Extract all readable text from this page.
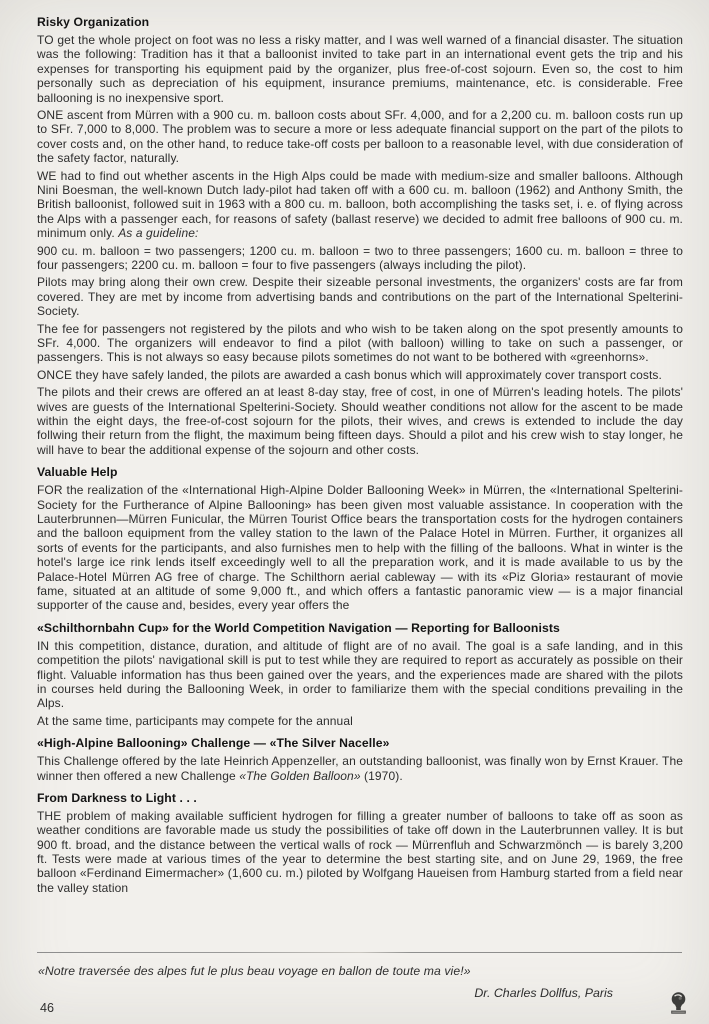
Risky Organization

TO get the whole project on foot was no less a risky matter, and I was well warned of a financial disaster. The situation was the following: Tradition has it that a balloonist invited to take part in an international event gets the trip and his expenses for transporting his equipment paid by the organizer, plus free-of-cost sojourn. Even so, the cost to him personally such as depreciation of his equipment, insurance premiums, maintenance, etc. is considerable. Free ballooning is no inexpensive sport.

ONE ascent from Mürren with a 900 cu. m. balloon costs about SFr. 4,000, and for a 2,200 cu. m. balloon costs run up to SFr. 7,000 to 8,000. The problem was to secure a more or less adequate financial support on the part of the pilots to cover costs and, on the other hand, to reduce take-off costs per balloon to a reasonable level, with due consideration of the safety factor, naturally.

WE had to find out whether ascents in the High Alps could be made with medium-size and smaller balloons. Although Nini Boesman, the well-known Dutch lady-pilot had taken off with a 600 cu. m. balloon (1962) and Anthony Smith, the British balloonist, followed suit in 1963 with a 800 cu. m. balloon, both accomplishing the tasks set, i. e. of flying across the Alps with a passenger each, for reasons of safety (ballast reserve) we decided to admit free balloons of 900 cu. m. minimum only. As a guideline:

900 cu. m. balloon = two passengers; 1200 cu. m. balloon = two to three passengers; 1600 cu. m. balloon = three to four passengers; 2200 cu. m. balloon = four to five passengers (always including the pilot).

Pilots may bring along their own crew. Despite their sizeable personal investments, the organizers' costs are far from covered. They are met by income from advertising bands and contributions on the part of the International Spelterini-Society.

The fee for passengers not registered by the pilots and who wish to be taken along on the spot presently amounts to SFr. 4,000. The organizers will endeavor to find a pilot (with balloon) willing to take on such a passenger, or passengers. This is not always so easy because pilots sometimes do not want to be bothered with «greenhorns».

ONCE they have safely landed, the pilots are awarded a cash bonus which will approximately cover transport costs.

The pilots and their crews are offered an at least 8-day stay, free of cost, in one of Mürren's leading hotels. The pilots' wives are guests of the International Spelterini-Society. Should weather conditions not allow for the ascent to be made within the eight days, the free-of-cost sojourn for the pilots, their wives, and crews is extended to include the day follwing their return from the flight, the maximum being fifteen days. Should a pilot and his crew wish to stay longer, he will have to bear the additional expense of the sojourn and other costs.

Valuable Help

FOR the realization of the «International High-Alpine Dolder Ballooning Week» in Mürren, the «International Spelterini-Society for the Furtherance of Alpine Ballooning» has been given most valuable assistance. In cooperation with the Lauterbrunnen—Mürren Funicular, the Mürren Tourist Office bears the transportation costs for the hydrogen containers and the balloon equipment from the valley station to the lawn of the Palace Hotel in Mürren. Further, it organizes all sorts of events for the participants, and also furnishes men to help with the filling of the balloons. What in winter is the hotel's large ice rink lends itself exceedingly well to all the preparation work, and it is made available to us by the Palace-Hotel Mürren AG free of charge. The Schilthorn aerial cableway — with its «Piz Gloria» restaurant of movie fame, situated at an altitude of some 9,000 ft., and which offers a fantastic panoramic view — is a major financial supporter of the cause and, besides, every year offers the

«Schilthornbahn Cup» for the World Competition Navigation — Reporting for Balloonists

IN this competition, distance, duration, and altitude of flight are of no avail. The goal is a safe landing, and in this competition the pilots' navigational skill is put to test while they are required to report as accurately as possible on their flight. Valuable information has thus been gained over the years, and the experiences made are shared with the pilots in courses held during the Ballooning Week, in order to familiarize them with the special conditions prevailing in the Alps.

At the same time, participants may compete for the annual

«High-Alpine Ballooning» Challenge — «The Silver Nacelle»

This Challenge offered by the late Heinrich Appenzeller, an outstanding balloonist, was finally won by Ernst Krauer. The winner then offered a new Challenge «The Golden Balloon» (1970).

From Darkness to Light . . .

THE problem of making available sufficient hydrogen for filling a greater number of balloons to take off as soon as weather conditions are favorable made us study the possibilities of take off down in the Lauterbrunnen valley. It is but 900 ft. broad, and the distance between the vertical walls of rock — Mürrenfluh and Schwarzmönch — is barely 3,200 ft. Tests were made at various times of the year to determine the best starting site, and on June 29, 1969, the free balloon «Ferdinand Eimermacher» (1,600 cu. m.) piloted by Wolfgang Haueisen from Hamburg started from a field near the valley station

«Notre traversée des alpes fut le plus beau voyage en ballon de toute ma vie!»
Dr. Charles Dollfus, Paris
46
